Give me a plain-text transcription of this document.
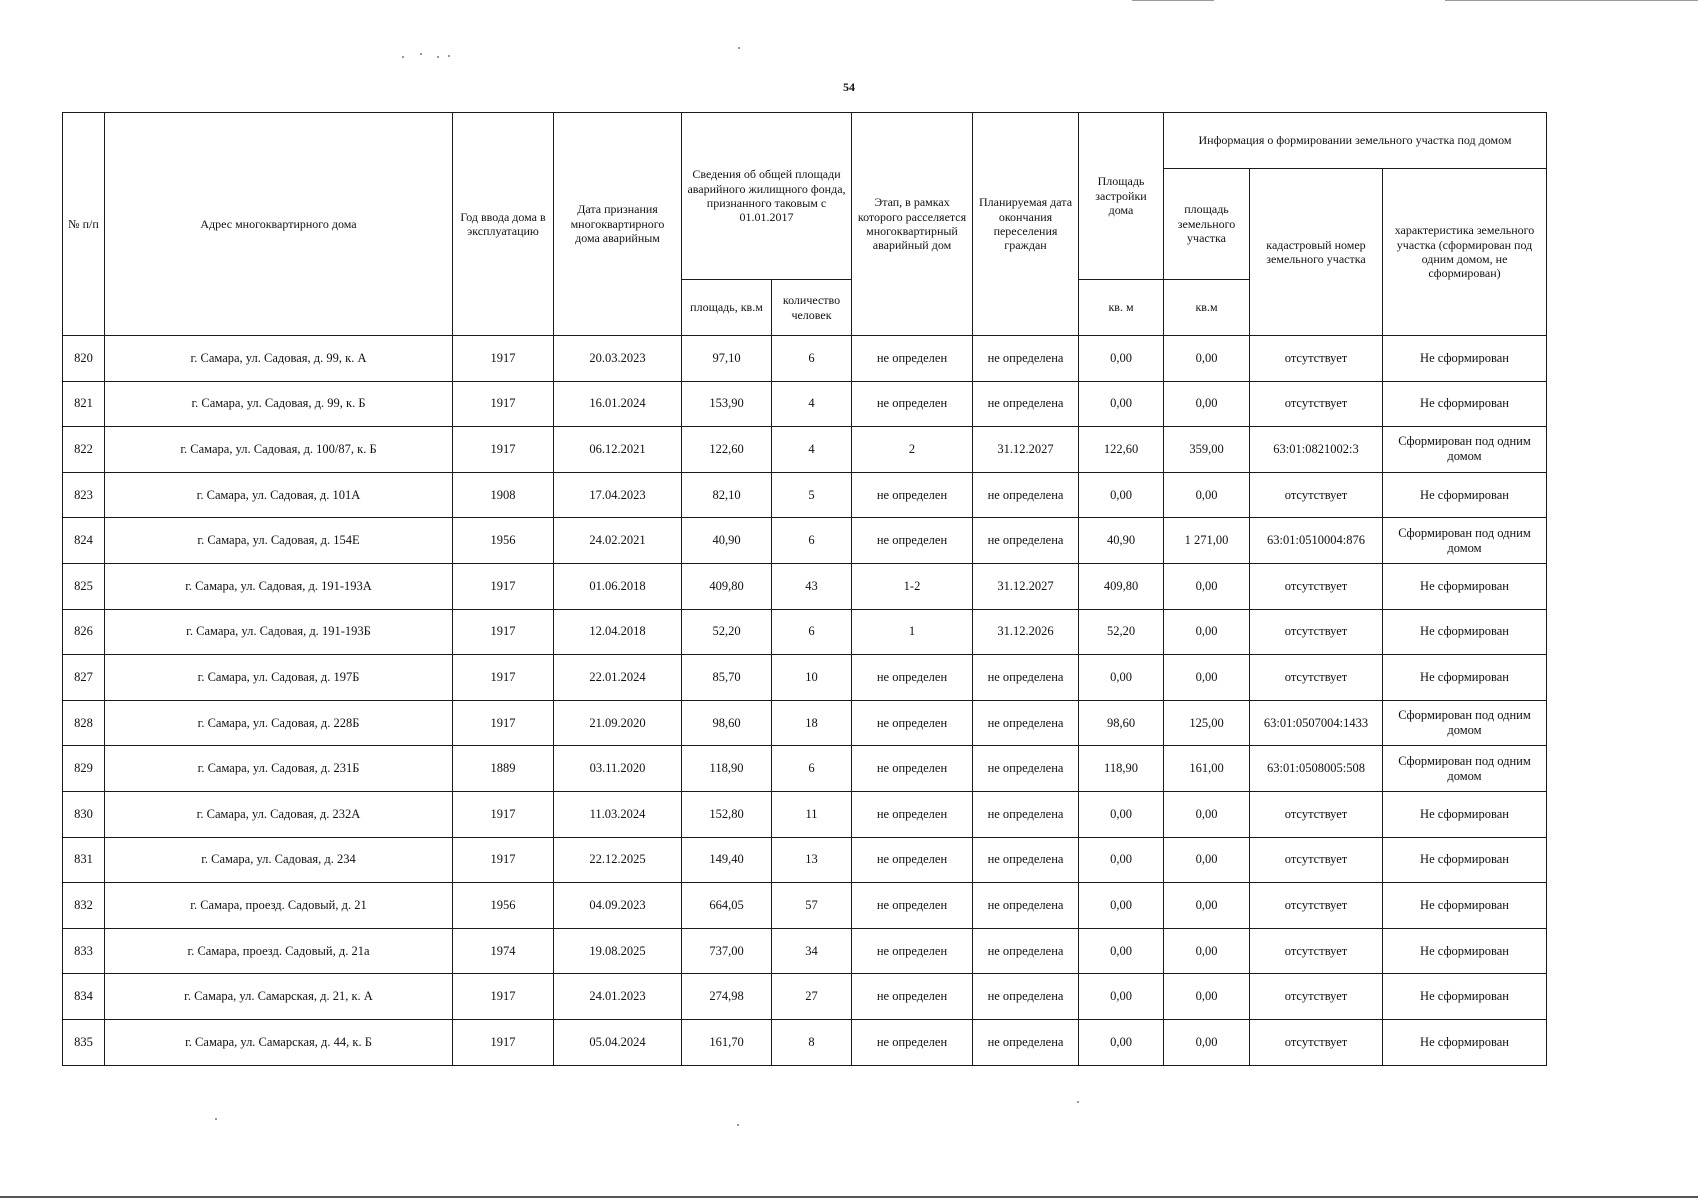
54
№ п/п	Адрес многоквартирного дома	Год ввода дома в эксплуатацию	Дата признания многоквартирного дома аварийным	Сведения об общей площади аварийного жилищного фонда, признанного таковым с 01.01.2017		Этап, в рамках которого расселяется многоквартирный аварийный дом	Планируемая дата окончания переселения граждан	Площадь застройки дома	Информация о формировании земельного участка под домом		
									площадь земельного участка	кадастровый номер земельного участка	характеристика земельного участка (сформирован под одним домом, не сформирован)
				площадь, кв.м	количество человек			кв. м	кв.м		
820	г. Самара, ул. Садовая, д. 99, к. А	1917	20.03.2023	97,10	6	не определен	не определена	0,00	0,00	отсутствует	Не сформирован
821	г. Самара, ул. Садовая, д. 99, к. Б	1917	16.01.2024	153,90	4	не определен	не определена	0,00	0,00	отсутствует	Не сформирован
822	г. Самара, ул. Садовая, д. 100/87, к. Б	1917	06.12.2021	122,60	4	2	31.12.2027	122,60	359,00	63:01:0821002:3	Сформирован под одним домом
823	г. Самара, ул. Садовая, д. 101А	1908	17.04.2023	82,10	5	не определен	не определена	0,00	0,00	отсутствует	Не сформирован
824	г. Самара, ул. Садовая, д. 154Е	1956	24.02.2021	40,90	6	не определен	не определена	40,90	1 271,00	63:01:0510004:876	Сформирован под одним домом
825	г. Самара, ул. Садовая, д. 191-193А	1917	01.06.2018	409,80	43	1-2	31.12.2027	409,80	0,00	отсутствует	Не сформирован
826	г. Самара, ул. Садовая, д. 191-193Б	1917	12.04.2018	52,20	6	1	31.12.2026	52,20	0,00	отсутствует	Не сформирован
827	г. Самара, ул. Садовая, д. 197Б	1917	22.01.2024	85,70	10	не определен	не определена	0,00	0,00	отсутствует	Не сформирован
828	г. Самара, ул. Садовая, д. 228Б	1917	21.09.2020	98,60	18	не определен	не определена	98,60	125,00	63:01:0507004:1433	Сформирован под одним домом
829	г. Самара, ул. Садовая, д. 231Б	1889	03.11.2020	118,90	6	не определен	не определена	118,90	161,00	63:01:0508005:508	Сформирован под одним домом
830	г. Самара, ул. Садовая, д. 232А	1917	11.03.2024	152,80	11	не определен	не определена	0,00	0,00	отсутствует	Не сформирован
831	г. Самара, ул. Садовая, д. 234	1917	22.12.2025	149,40	13	не определен	не определена	0,00	0,00	отсутствует	Не сформирован
832	г. Самара, проезд. Садовый, д. 21	1956	04.09.2023	664,05	57	не определен	не определена	0,00	0,00	отсутствует	Не сформирован
833	г. Самара, проезд. Садовый, д. 21а	1974	19.08.2025	737,00	34	не определен	не определена	0,00	0,00	отсутствует	Не сформирован
834	г. Самара, ул. Самарская, д. 21, к. А	1917	24.01.2023	274,98	27	не определен	не определена	0,00	0,00	отсутствует	Не сформирован
835	г. Самара, ул. Самарская, д. 44, к. Б	1917	05.04.2024	161,70	8	не определен	не определена	0,00	0,00	отсутствует	Не сформирован
